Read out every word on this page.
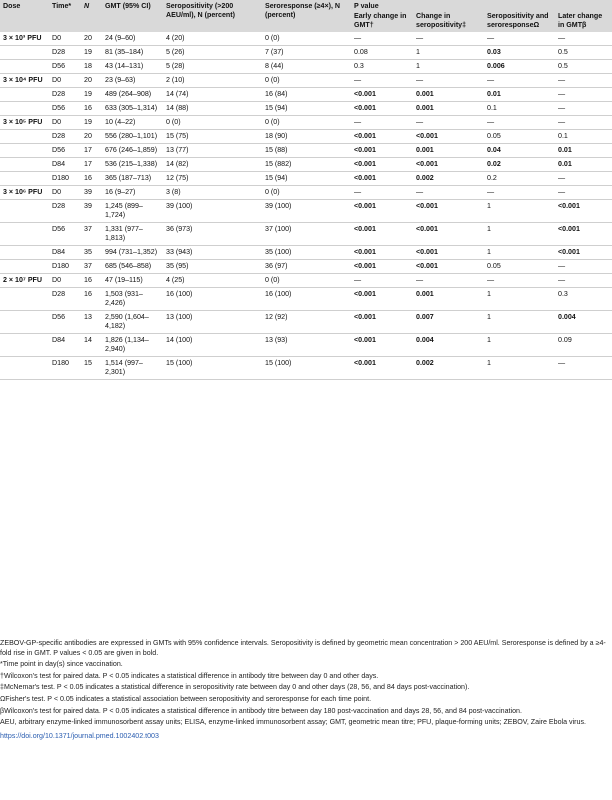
Dose	Time*	N	GMT (95% CI)	Seropositivity (>200 AEU/ml), N (percent)	Seroresponse (≥4×), N (percent)	P value			
						Early change in GMT†	Change in seropositivity‡	Seropositivity and seroresponseΩ	Later change in GMTβ
3 × 10³ PFU	D0	20	24 (9–60)	4 (20)	0 (0)	—	—	—	—
	D28	19	81 (35–184)	5 (26)	7 (37)	0.08	1	0.03	0.5
	D56	18	43 (14–131)	5 (28)	8 (44)	0.3	1	0.006	0.5
3 × 10⁴ PFU	D0	20	23 (9–63)	2 (10)	0 (0)	—	—	—	—
	D28	19	489 (264–908)	14 (74)	16 (84)	<0.001	0.001	0.01	—
	D56	16	633 (305–1,314)	14 (88)	15 (94)	<0.001	0.001	0.1	—
3 × 10⁵ PFU	D0	19	10 (4–22)	0 (0)	0 (0)	—	—	—	—
	D28	20	556 (280–1,101)	15 (75)	18 (90)	<0.001	<0.001	0.05	0.1
	D56	17	676 (246–1,859)	13 (77)	15 (88)	<0.001	0.001	0.04	0.01
	D84	17	536 (215–1,338)	14 (82)	15 (882)	<0.001	<0.001	0.02	0.01
	D180	16	365 (187–713)	12 (75)	15 (94)	<0.001	0.002	0.2	—
3 × 10⁶ PFU	D0	39	16 (9–27)	3 (8)	0 (0)	—	—	—	—
	D28	39	1,245 (899–1,724)	39 (100)	39 (100)	<0.001	<0.001	1	<0.001
	D56	37	1,331 (977–1,813)	36 (973)	37 (100)	<0.001	<0.001	1	<0.001
	D84	35	994 (731–1,352)	33 (943)	35 (100)	<0.001	<0.001	1	<0.001
	D180	37	685 (546–858)	35 (95)	36 (97)	<0.001	<0.001	0.05	—
2 × 10⁷ PFU	D0	16	47 (19–115)	4 (25)	0 (0)	—	—	—	—
	D28	16	1,503 (931–2,426)	16 (100)	16 (100)	<0.001	0.001	1	0.3
	D56	13	2,590 (1,604–4,182)	13 (100)	12 (92)	<0.001	0.007	1	0.004
	D84	14	1,826 (1,134–2,940)	14 (100)	13 (93)	<0.001	0.004	1	0.09
	D180	15	1,514 (997–2,301)	15 (100)	15 (100)	<0.001	0.002	1	—

ZEBOV-GP-specific antibodies are expressed in GMTs with 95% confidence intervals. Seropositivity is defined by geometric mean concentration > 200 AEU/ml. Seroresponse is defined by a ≥4-fold rise in GMT. P values < 0.05 are given in bold.

*Time point in day(s) since vaccination.

†Wilcoxon's test for paired data. P < 0.05 indicates a statistical difference in antibody titre between day 0 and other days.

‡McNemar's test. P < 0.05 indicates a statistical difference in seropositivity rate between day 0 and other days (28, 56, and 84 days post-vaccination).

ΩFisher's test. P < 0.05 indicates a statistical association between seropositivity and seroresponse for each time point.

βWilcoxon's test for paired data. P < 0.05 indicates a statistical difference in antibody titre between day 180 post-vaccination and days 28, 56, and 84 post-vaccination.

AEU, arbitrary enzyme-linked immunosorbent assay units; ELISA, enzyme-linked immunosorbent assay; GMT, geometric mean titre; PFU, plaque-forming units; ZEBOV, Zaire Ebola virus.

https://doi.org/10.1371/journal.pmed.1002402.t003
